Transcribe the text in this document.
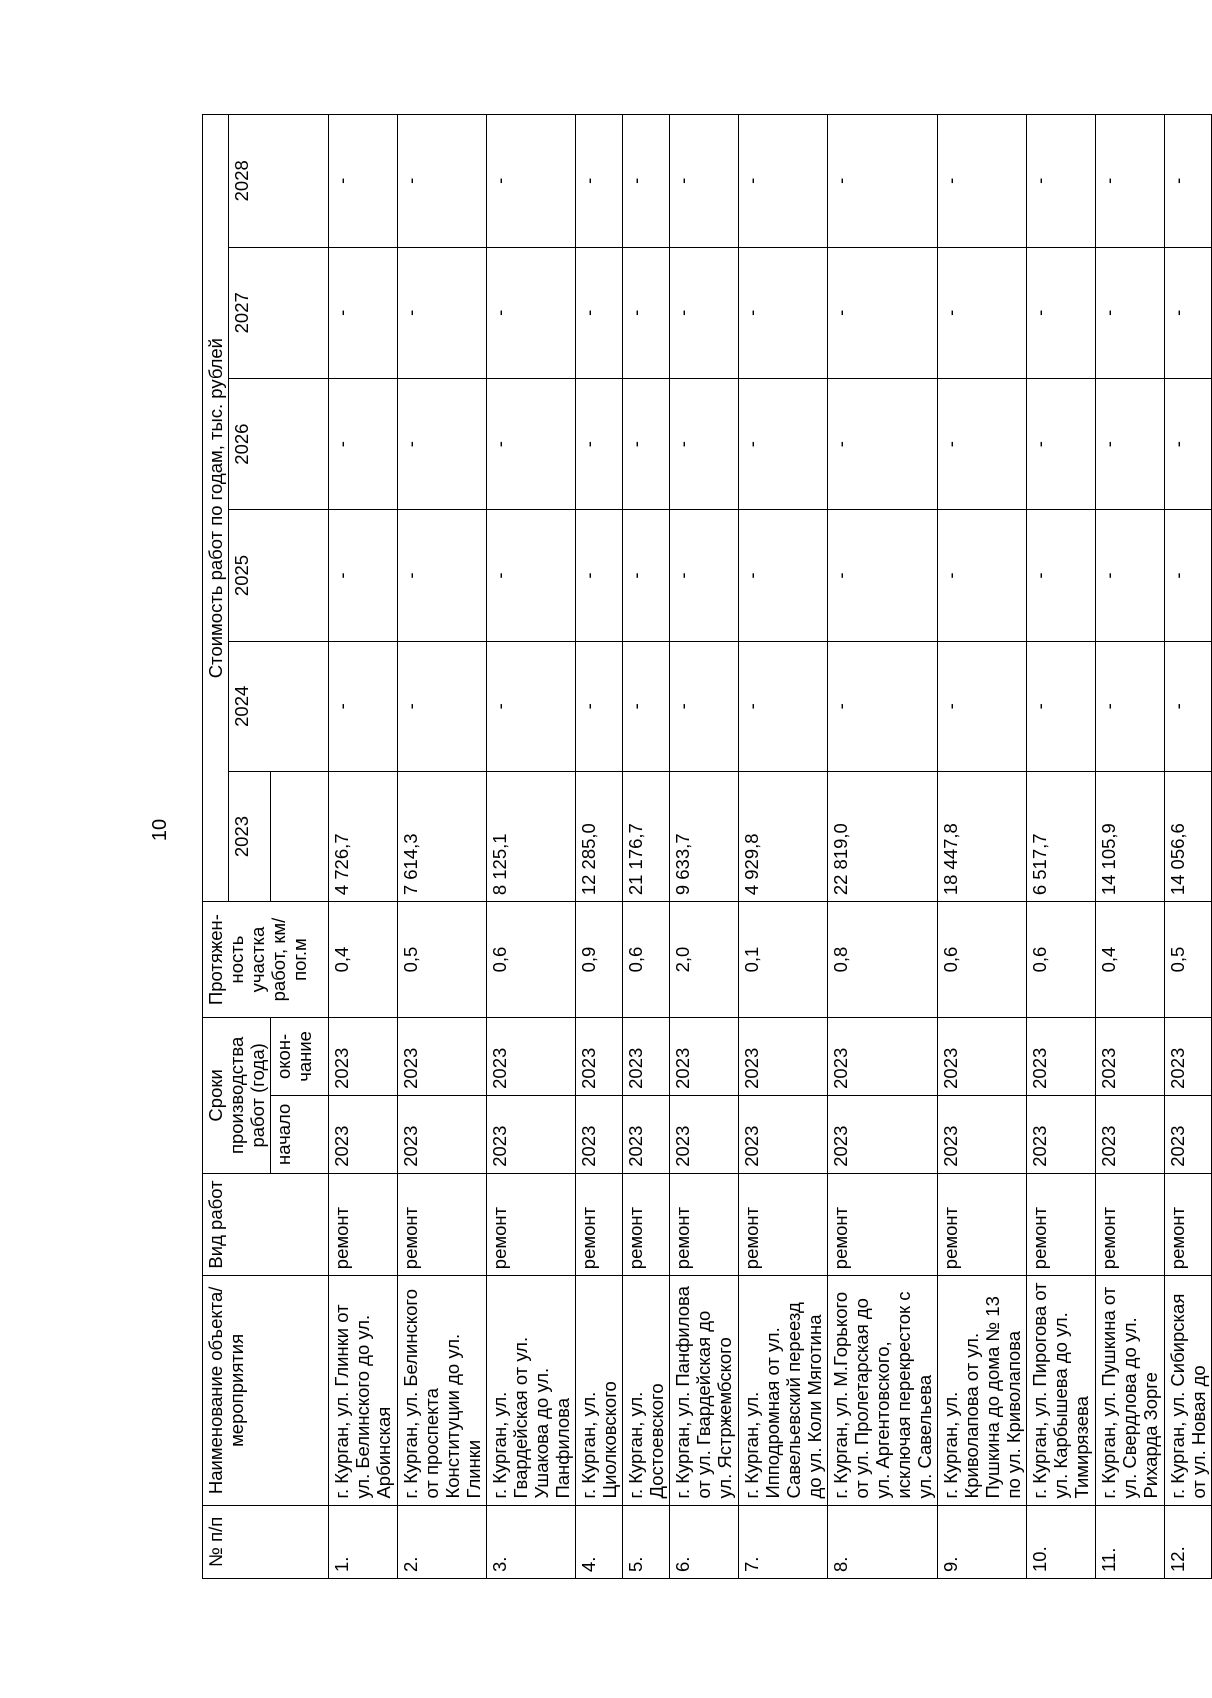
10
№ п/п	Наименование объекта/ мероприятия	Вид работ	Сроки производства работ (года)		Протяжен- ность участка работ, км/пог.м	Стоимость работ по годам, тыс. рублей					
						2023	2024	2025	2026	2027	2028
			начало	окон- чание							
1.	г. Курган, ул. Глинки от ул. Белинского до ул. Арбинская	ремонт	2023	2023	0,4	4 726,7	-	-	-	-	-
2.	г. Курган, ул. Белинского от проспекта Конституции до ул. Глинки	ремонт	2023	2023	0,5	7 614,3	-	-	-	-	-
3.	г. Курган, ул. Гвардейская от ул. Ушакова до ул. Панфилова	ремонт	2023	2023	0,6	8 125,1	-	-	-	-	-
4.	г. Курган, ул. Циолковского	ремонт	2023	2023	0,9	12 285,0	-	-	-	-	-
5.	г. Курган, ул. Достоевского	ремонт	2023	2023	0,6	21 176,7	-	-	-	-	-
6.	г. Курган, ул. Панфилова от ул. Гвардейская до ул. Ястржембского	ремонт	2023	2023	2,0	9 633,7	-	-	-	-	-
7.	г. Курган, ул. Ипподромная от ул. Савельевский переезд до ул. Коли Мяготина	ремонт	2023	2023	0,1	4 929,8	-	-	-	-	-
8.	г. Курган, ул. М.Горького от ул. Пролетарская до ул. Аргентовского, исключая перекресток с ул. Савельева	ремонт	2023	2023	0,8	22 819,0	-	-	-	-	-
9.	г. Курган, ул. Криволапова от ул. Пушкина до дома № 13 по ул. Криволапова	ремонт	2023	2023	0,6	18 447,8	-	-	-	-	-
10.	г. Курган, ул. Пирогова от ул. Карбышева до ул. Тимирязева	ремонт	2023	2023	0,6	6 517,7	-	-	-	-	-
11.	г. Курган, ул. Пушкина от ул. Свердлова до ул. Рихарда Зорге	ремонт	2023	2023	0,4	14 105,9	-	-	-	-	-
12.	г. Курган, ул. Сибирская от ул. Новая до	ремонт	2023	2023	0,5	14 056,6	-	-	-	-	-
